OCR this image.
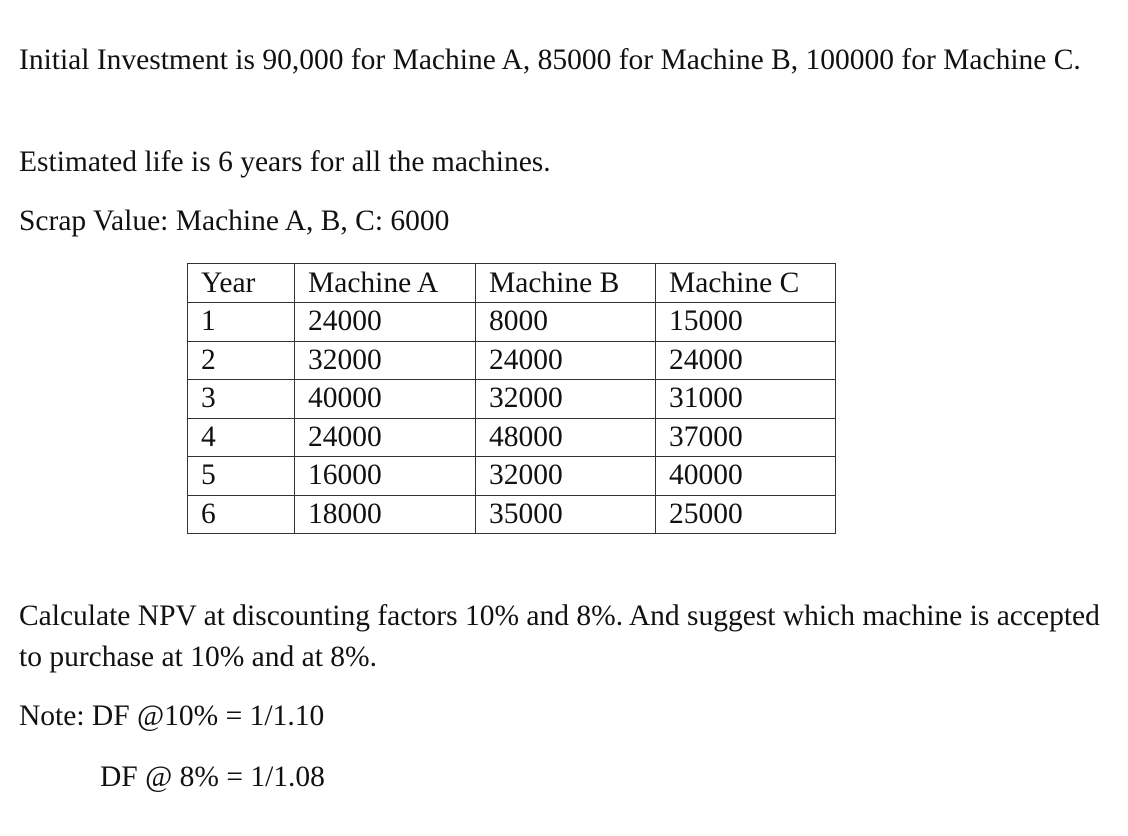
Initial Investment is 90,000 for Machine A, 85000 for Machine B, 100000 for Machine C.

Estimated life is 6 years for all the machines.

Scrap Value: Machine A, B, C: 6000

Calculate NPV at discounting factors 10% and 8%. And suggest which machine is accepted to purchase at 10% and at 8%.

Note: DF @10% = 1/1.10

DF @ 8% = 1/1.08

Year	Machine A	Machine B	Machine C
1	24000	8000	15000
2	32000	24000	24000
3	40000	32000	31000
4	24000	48000	37000
5	16000	32000	40000
6	18000	35000	25000
